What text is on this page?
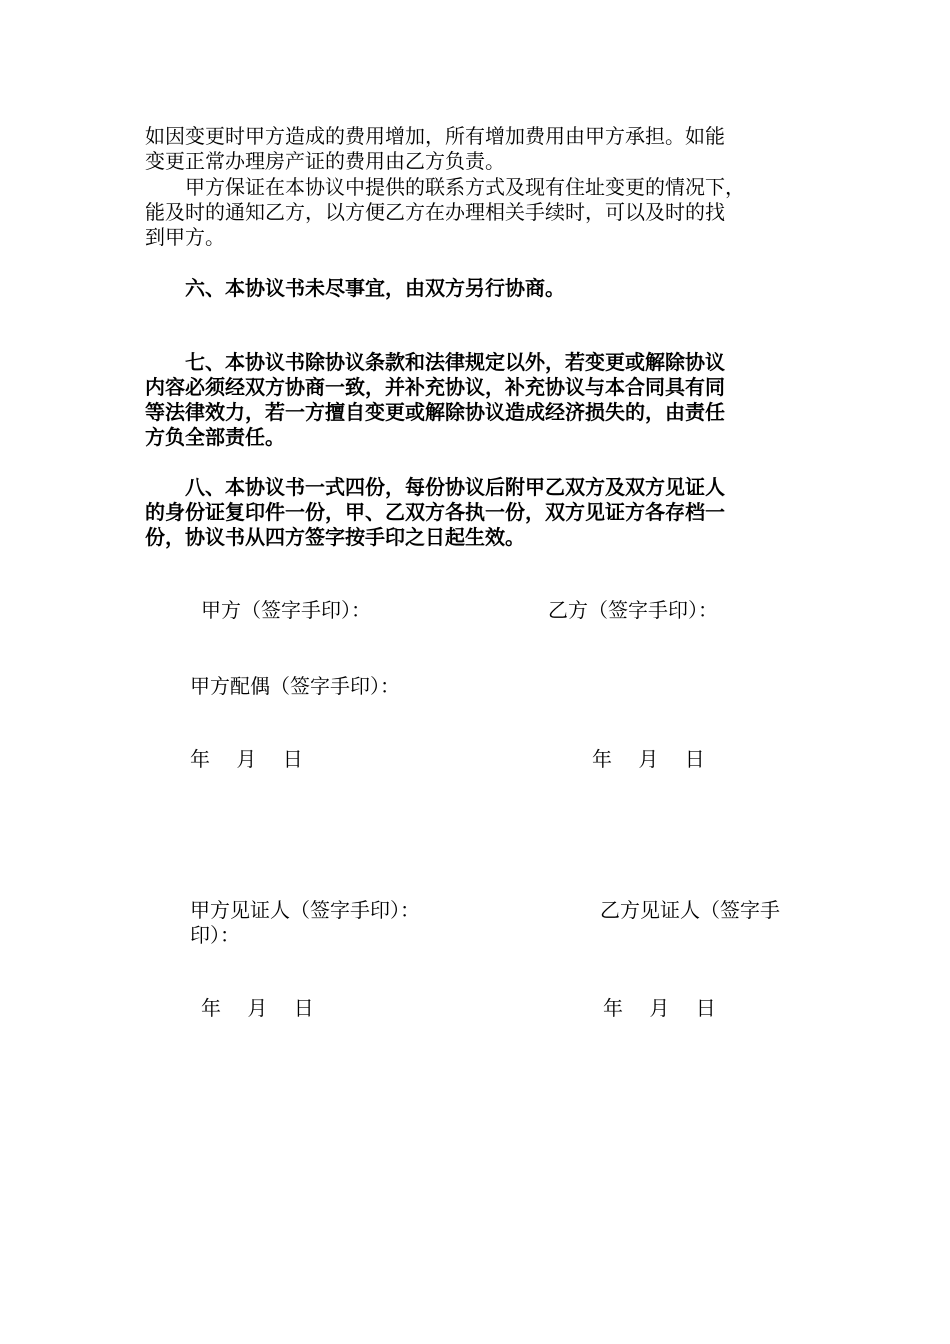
如因变更时甲方造成的费用增加，所有增加费用由甲方承担。如能
变更正常办理房产证的费用由乙方负责。
　　甲方保证在本协议中提供的联系方式及现有住址变更的情况下，
能及时的通知乙方，以方便乙方在办理相关手续时，可以及时的找
到甲方。
　　六、本协议书未尽事宜，由双方另行协商。
　　七、本协议书除协议条款和法律规定以外，若变更或解除协议
内容必须经双方协商一致，并补充协议，补充协议与本合同具有同
等法律效力，若一方擅自变更或解除协议造成经济损失的，由责任
方负全部责任。
　　八、本协议书一式四份，每份协议后附甲乙双方及双方见证人
的身份证复印件一份，甲、乙双方各执一份，双方见证方各存档一
份，协议书从四方签字按手印之日起生效。
甲方（签字手印）：	乙方（签字手印）：
甲方配偶（签字手印）：
年　 月　 日	年　 月　 日
甲方见证人（签字手印）：	乙方见证人（签字手
印）：
年　 月　 日	年　 月　 日
